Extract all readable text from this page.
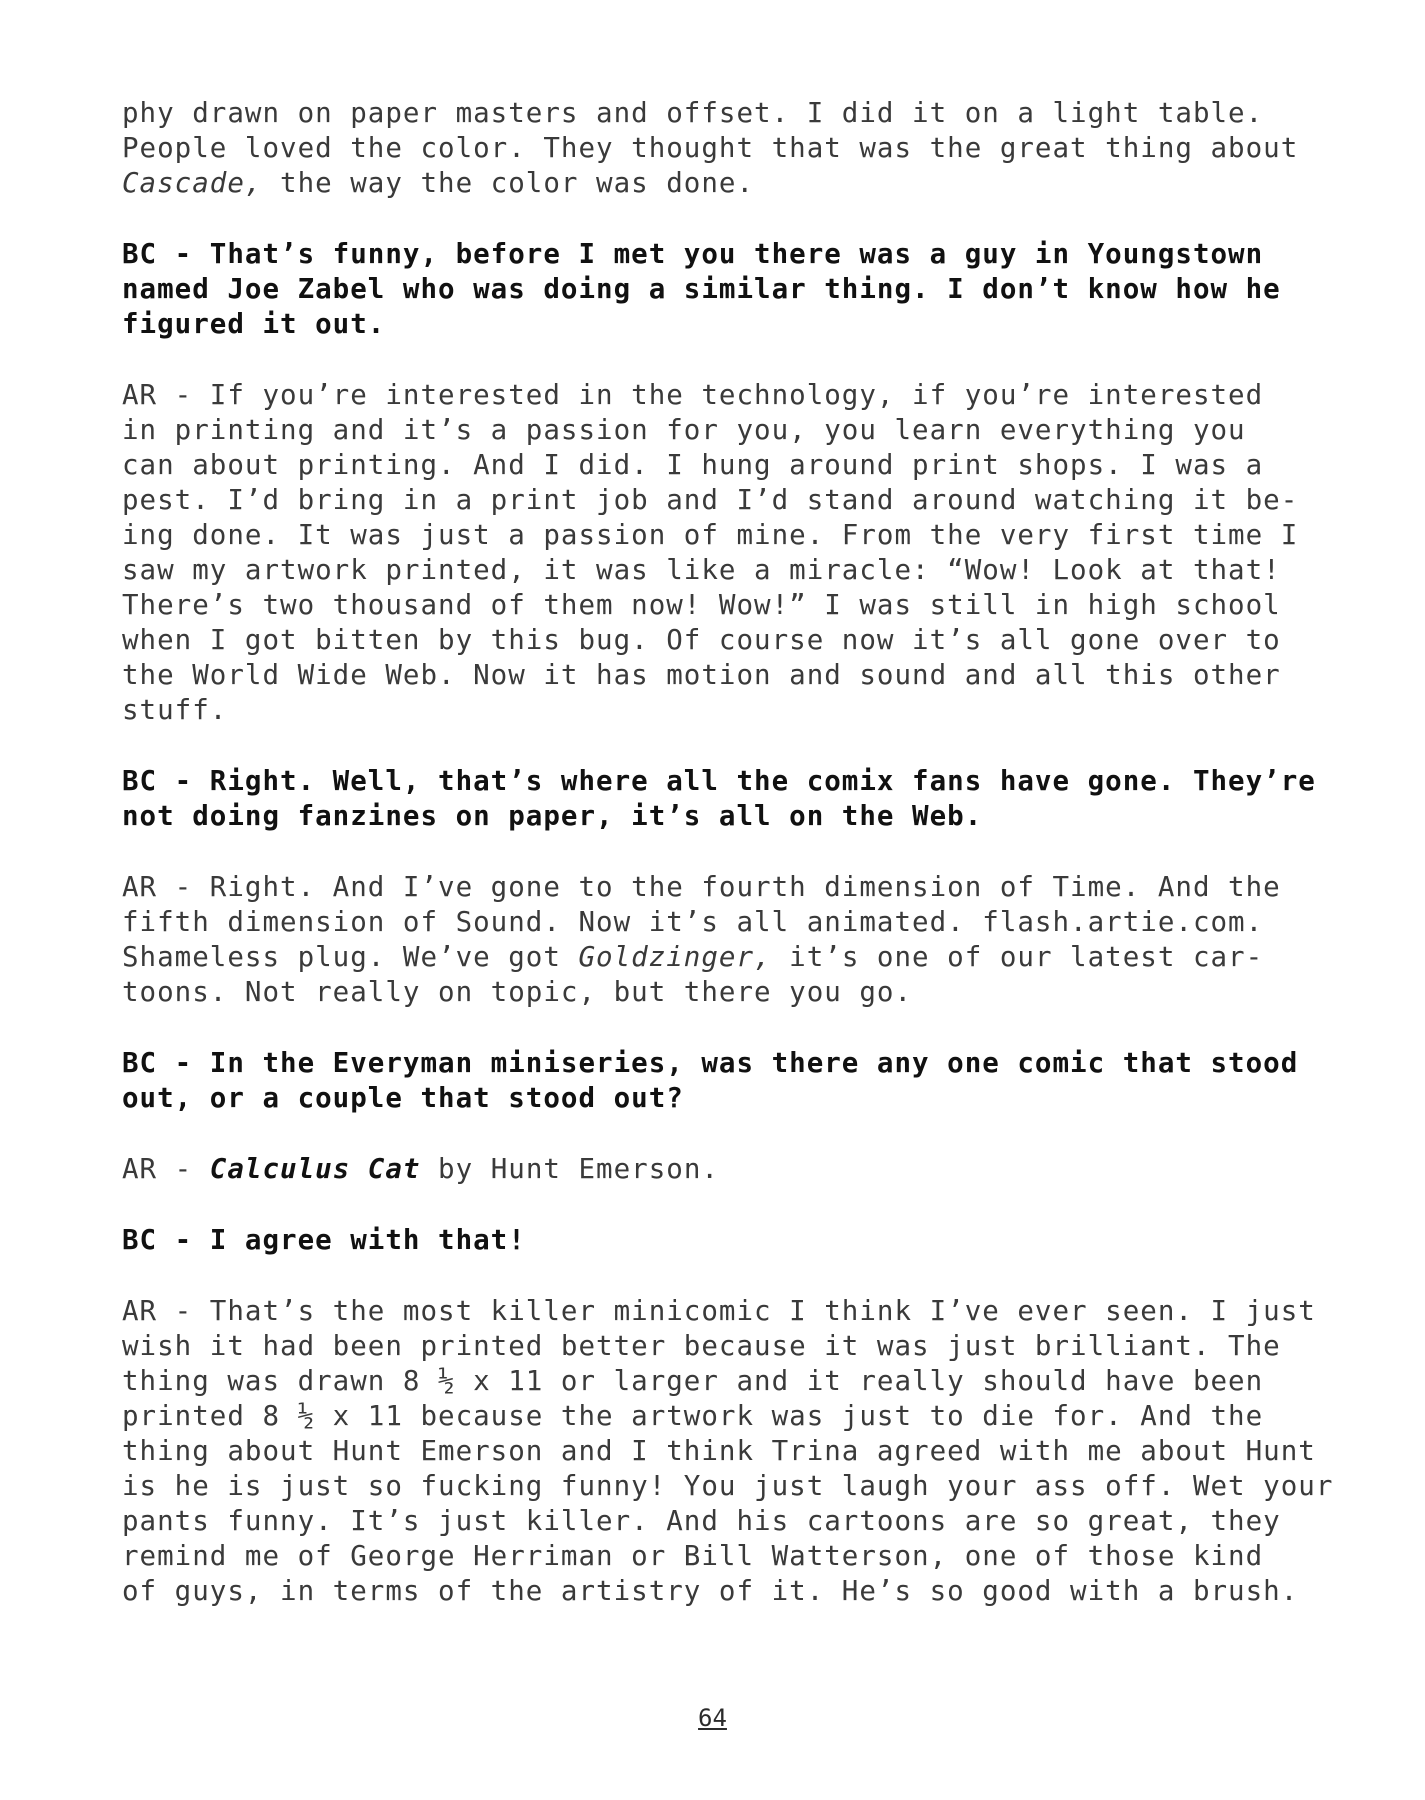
phy drawn on paper masters and offset. I did it on a light table.
People loved the color. They thought that was the great thing about
Cascade, the way the color was done.
BC - That’s funny, before I met you there was a guy in Youngstown
named Joe Zabel who was doing a similar thing. I don’t know how he
figured it out.
AR - If you’re interested in the technology, if you’re interested
in printing and it’s a passion for you, you learn everything you
can about printing. And I did. I hung around print shops. I was a
pest. I’d bring in a print job and I’d stand around watching it be-
ing done. It was just a passion of mine. From the very first time I
saw my artwork printed, it was like a miracle: “Wow! Look at that!
There’s two thousand of them now! Wow!” I was still in high school
when I got bitten by this bug. Of course now it’s all gone over to
the World Wide Web. Now it has motion and sound and all this other
stuff.
BC - Right. Well, that’s where all the comix fans have gone. They’re
not doing fanzines on paper, it’s all on the Web.
AR - Right. And I’ve gone to the fourth dimension of Time. And the
fifth dimension of Sound. Now it’s all animated. flash.artie.com.
Shameless plug. We’ve got Goldzinger, it’s one of our latest car-
toons. Not really on topic, but there you go.
BC - In the Everyman miniseries, was there any one comic that stood
out, or a couple that stood out?
AR - Calculus Cat by Hunt Emerson.
BC - I agree with that!
AR - That’s the most killer minicomic I think I’ve ever seen. I just
wish it had been printed better because it was just brilliant. The
thing was drawn 8 ½ x 11 or larger and it really should have been
printed 8 ½ x 11 because the artwork was just to die for. And the
thing about Hunt Emerson and I think Trina agreed with me about Hunt
is he is just so fucking funny! You just laugh your ass off. Wet your
pants funny. It’s just killer. And his cartoons are so great, they
remind me of George Herriman or Bill Watterson, one of those kind
of guys, in terms of the artistry of it. He’s so good with a brush.
64
